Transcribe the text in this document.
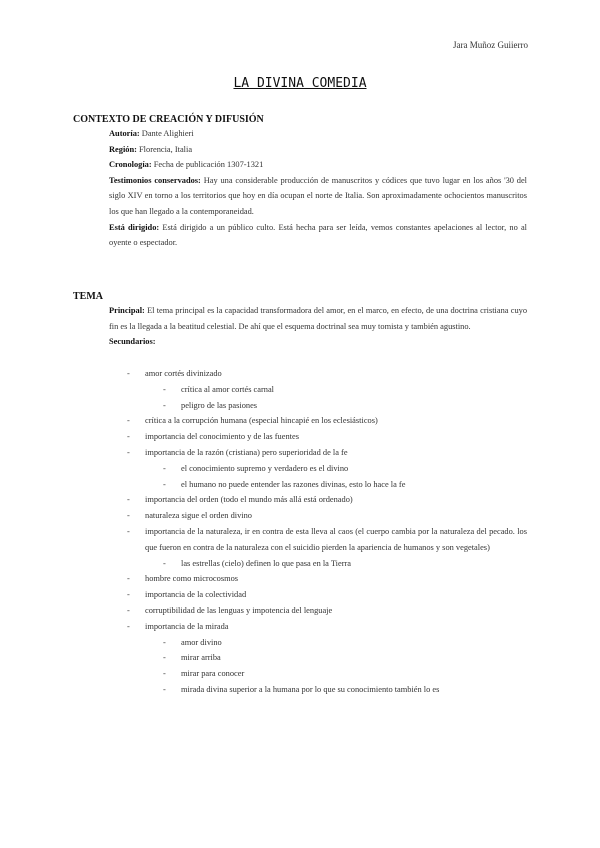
Jara Muñoz Guiierro
LA DIVINA COMEDIA
CONTEXTO DE CREACIÓN Y DIFUSIÓN

Autoría: Dante Alighieri

Región: Florencia, Italia

Cronología: Fecha de publicación 1307-1321

Testimonios conservados: Hay una considerable producción de manuscritos y códices que tuvo lugar en los años '30 del siglo XIV en torno a los territorios que hoy en día ocupan el norte de Italia. Son aproximadamente ochocientos manuscritos los que han llegado a la contemporaneidad.

Está dirigido: Está dirigido a un público culto. Está hecha para ser leída, vemos constantes apelaciones al lector, no al oyente o espectador.

TEMA

Principal: El tema principal es la capacidad transformadora del amor, en el marco, en efecto, de una doctrina cristiana cuyo fin es la llegada a la beatitud celestial. De ahí que el esquema doctrinal sea muy tomista y también agustino.

Secundarios:

- amor cortés divinizado
- crítica al amor cortés carnal
- peligro de las pasiones
- crítica a la corrupción humana (especial hincapié en los eclesiásticos)
- importancia del conocimiento y de las fuentes
- importancia de la razón (cristiana) pero superioridad de la fe
- el conocimiento supremo y verdadero es el divino
- el humano no puede entender las razones divinas, esto lo hace la fe
- importancia del orden (todo el mundo más allá está ordenado)
- naturaleza sigue el orden divino
- importancia de la naturaleza, ir en contra de esta lleva al caos (el cuerpo cambia por la naturaleza del pecado. los que fueron en contra de la naturaleza con el suicidio pierden la apariencia de humanos y son vegetales)
- las estrellas (cielo) definen lo que pasa en la Tierra
- hombre como microcosmos
- importancia de la colectividad
- corruptibilidad de las lenguas y impotencia del lenguaje
- importancia de la mirada
- amor divino
- mirar arriba
- mirar para conocer
- mirada divina superior a la humana por lo que su conocimiento también lo es
